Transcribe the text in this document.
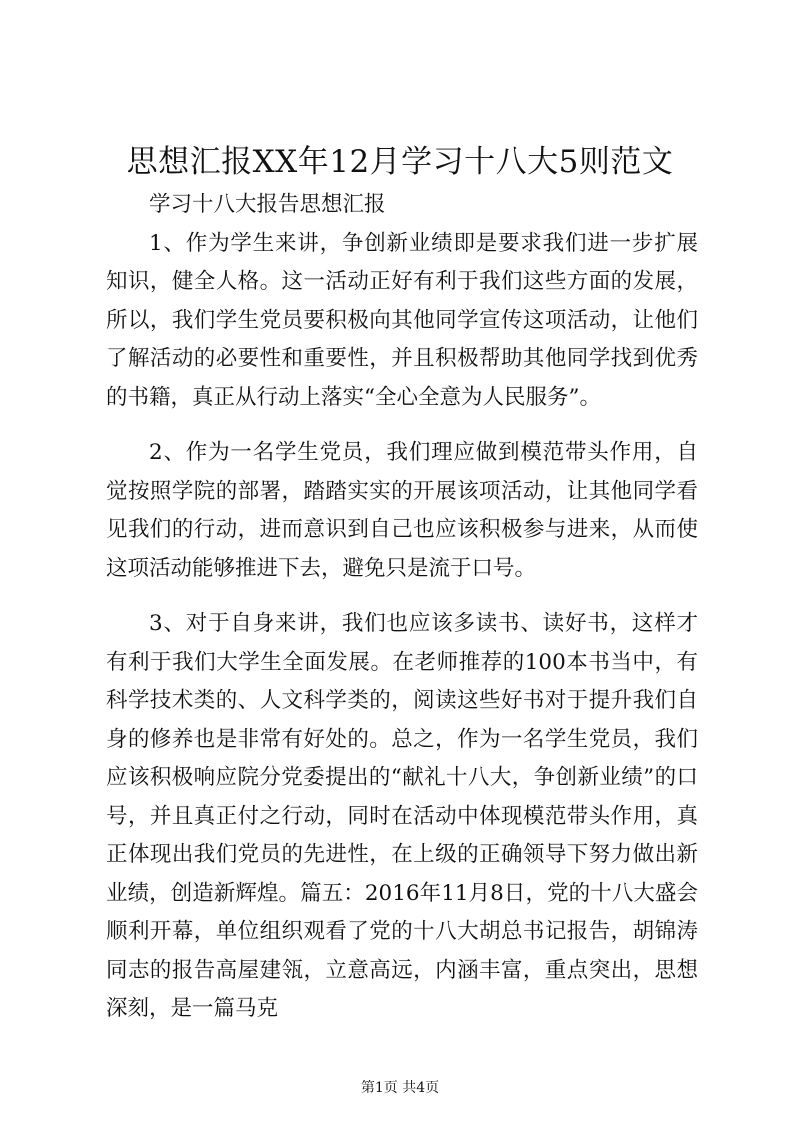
思想汇报XX年12月学习十八大5则范文

学习十八大报告思想汇报

1、作为学生来讲，争创新业绩即是要求我们进一步扩展知识，健全人格。这一活动正好有利于我们这些方面的发展，所以，我们学生党员要积极向其他同学宣传这项活动，让他们了解活动的必要性和重要性，并且积极帮助其他同学找到优秀的书籍，真正从行动上落实“全心全意为人民服务”。

2、作为一名学生党员，我们理应做到模范带头作用，自觉按照学院的部署，踏踏实实的开展该项活动，让其他同学看见我们的行动，进而意识到自己也应该积极参与进来，从而使这项活动能够推进下去，避免只是流于口号。

3、对于自身来讲，我们也应该多读书、读好书，这样才有利于我们大学生全面发展。在老师推荐的100本书当中，有科学技术类的、人文科学类的，阅读这些好书对于提升我们自身的修养也是非常有好处的。总之，作为一名学生党员，我们应该积极响应院分党委提出的“献礼十八大，争创新业绩”的口号，并且真正付之行动，同时在活动中体现模范带头作用，真正体现出我们党员的先进性，在上级的正确领导下努力做出新业绩，创造新辉煌。篇五：2016年11月8日，党的十八大盛会顺利开幕，单位组织观看了党的十八大胡总书记报告，胡锦涛同志的报告高屋建瓴，立意高远，内涵丰富，重点突出，思想深刻，是一篇马克

第1页 共4页
